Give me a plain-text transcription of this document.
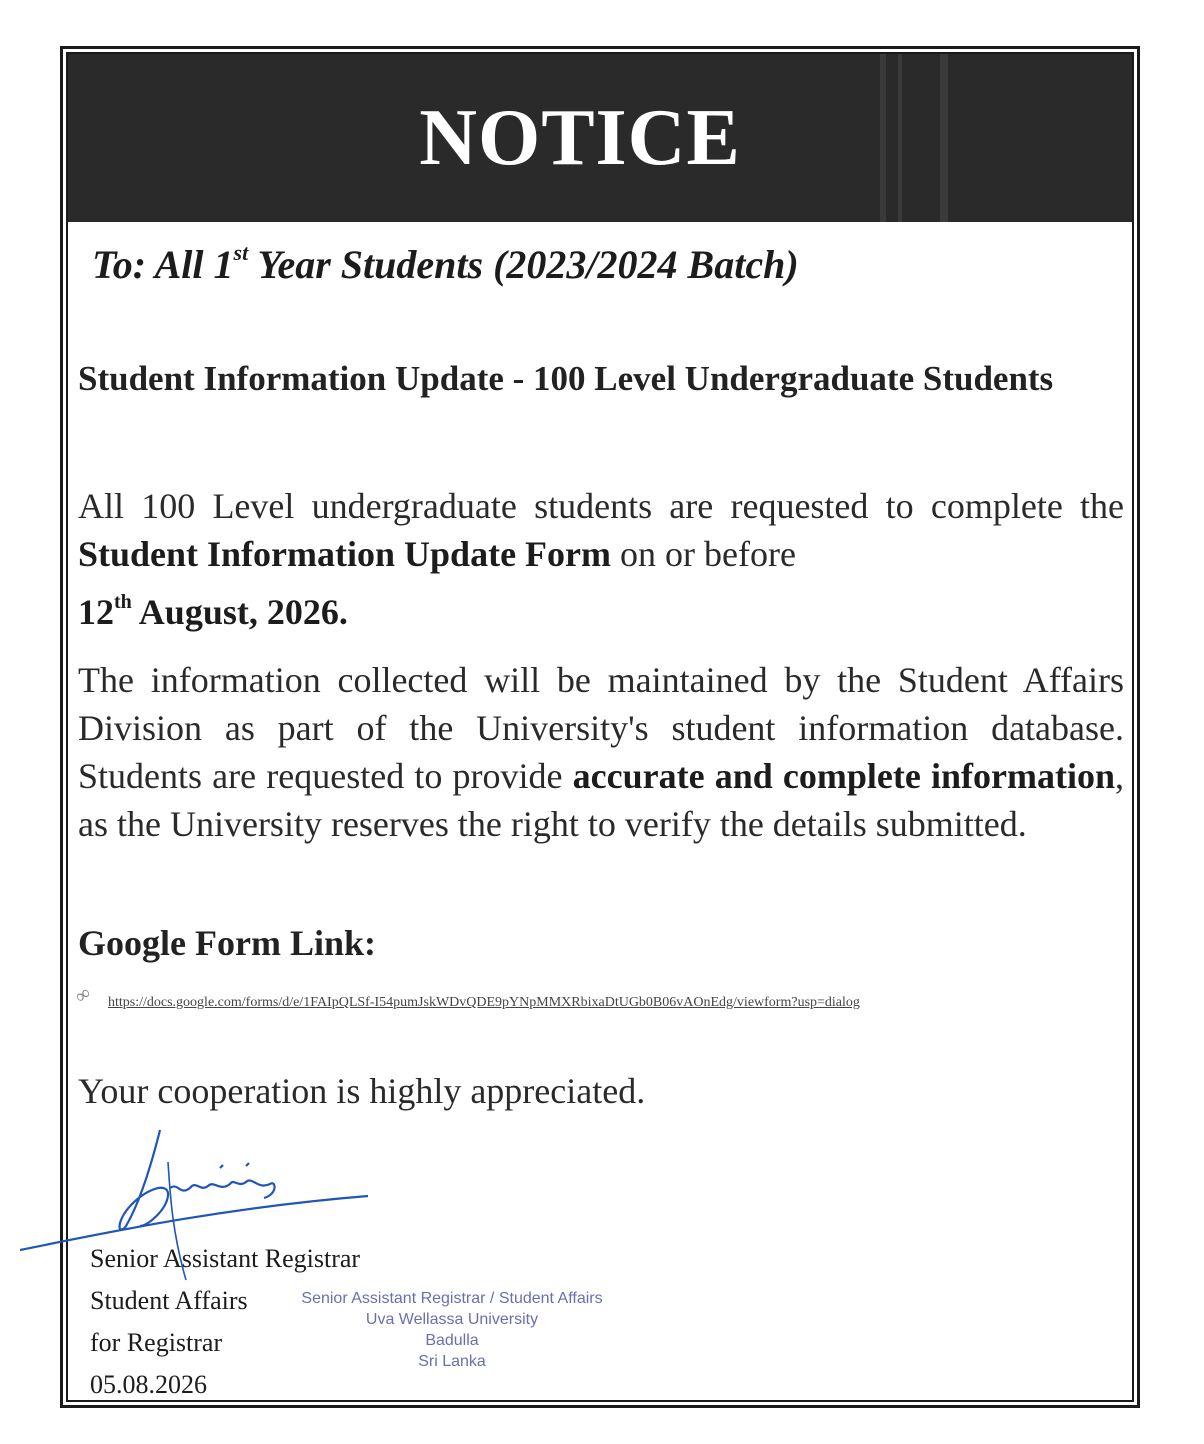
NOTICE
To: All 1st Year Students (2023/2024 Batch)
Student Information Update - 100 Level Undergraduate Students
All 100 Level undergraduate students are requested to complete the Student Information Update Form on or before
12th August, 2026.
The information collected will be maintained by the Student Affairs Division as part of the University's student information database. Students are requested to provide accurate and complete information, as the University reserves the right to verify the details submitted.
Google Form Link:
∞ https://docs.google.com/forms/d/e/1FAIpQLSf-I54pumJskWDvQDE9pYNpMMXRbixaDtUGb0B06vAOnEdg/viewform?usp=dialog
Your cooperation is highly appreciated.
Senior Assistant Registrar
Student Affairs
for Registrar
05.08.2026
Senior Assistant Registrar / Student Affairs
Uva Wellassa University
Badulla
Sri Lanka
